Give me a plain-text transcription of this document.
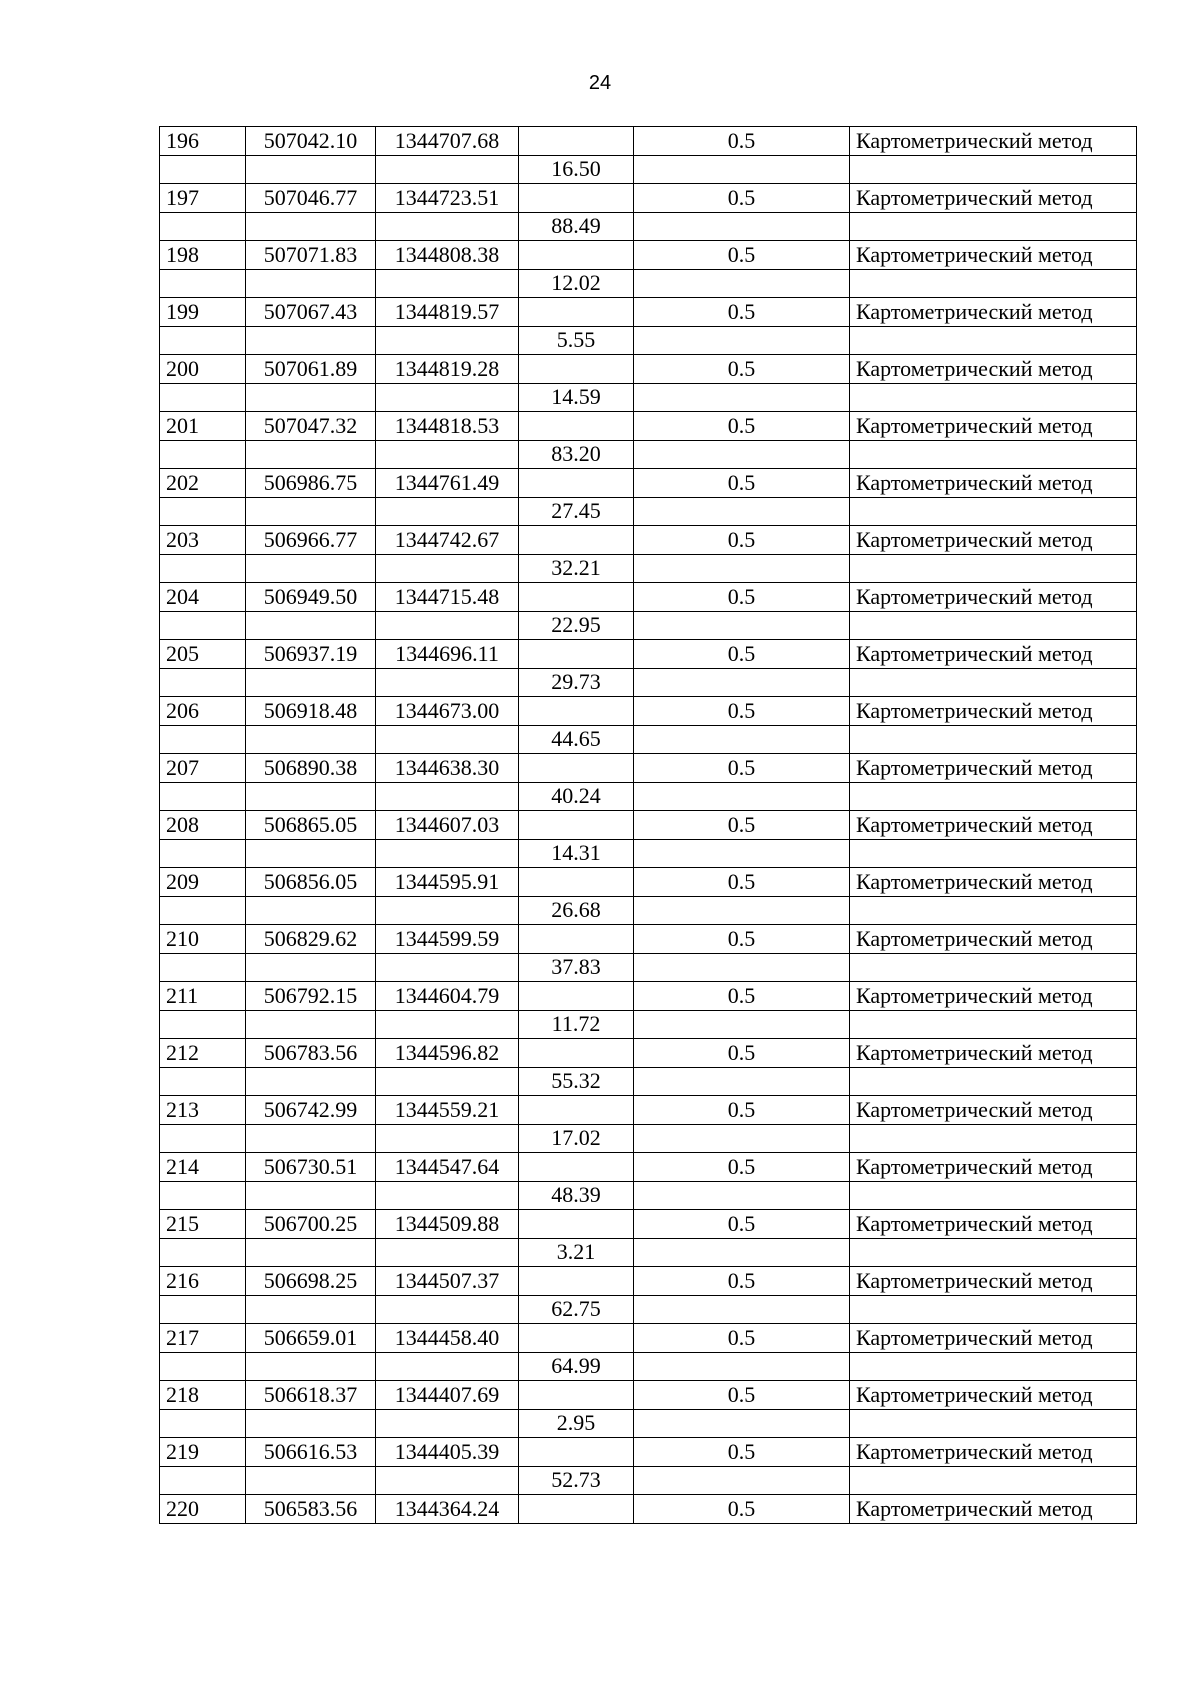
24
196	507042.10	1344707.68		0.5	Картометрический метод
			16.50		
197	507046.77	1344723.51		0.5	Картометрический метод
			88.49		
198	507071.83	1344808.38		0.5	Картометрический метод
			12.02		
199	507067.43	1344819.57		0.5	Картометрический метод
			5.55		
200	507061.89	1344819.28		0.5	Картометрический метод
			14.59		
201	507047.32	1344818.53		0.5	Картометрический метод
			83.20		
202	506986.75	1344761.49		0.5	Картометрический метод
			27.45		
203	506966.77	1344742.67		0.5	Картометрический метод
			32.21		
204	506949.50	1344715.48		0.5	Картометрический метод
			22.95		
205	506937.19	1344696.11		0.5	Картометрический метод
			29.73		
206	506918.48	1344673.00		0.5	Картометрический метод
			44.65		
207	506890.38	1344638.30		0.5	Картометрический метод
			40.24		
208	506865.05	1344607.03		0.5	Картометрический метод
			14.31		
209	506856.05	1344595.91		0.5	Картометрический метод
			26.68		
210	506829.62	1344599.59		0.5	Картометрический метод
			37.83		
211	506792.15	1344604.79		0.5	Картометрический метод
			11.72		
212	506783.56	1344596.82		0.5	Картометрический метод
			55.32		
213	506742.99	1344559.21		0.5	Картометрический метод
			17.02		
214	506730.51	1344547.64		0.5	Картометрический метод
			48.39		
215	506700.25	1344509.88		0.5	Картометрический метод
			3.21		
216	506698.25	1344507.37		0.5	Картометрический метод
			62.75		
217	506659.01	1344458.40		0.5	Картометрический метод
			64.99		
218	506618.37	1344407.69		0.5	Картометрический метод
			2.95		
219	506616.53	1344405.39		0.5	Картометрический метод
			52.73		
220	506583.56	1344364.24		0.5	Картометрический метод
